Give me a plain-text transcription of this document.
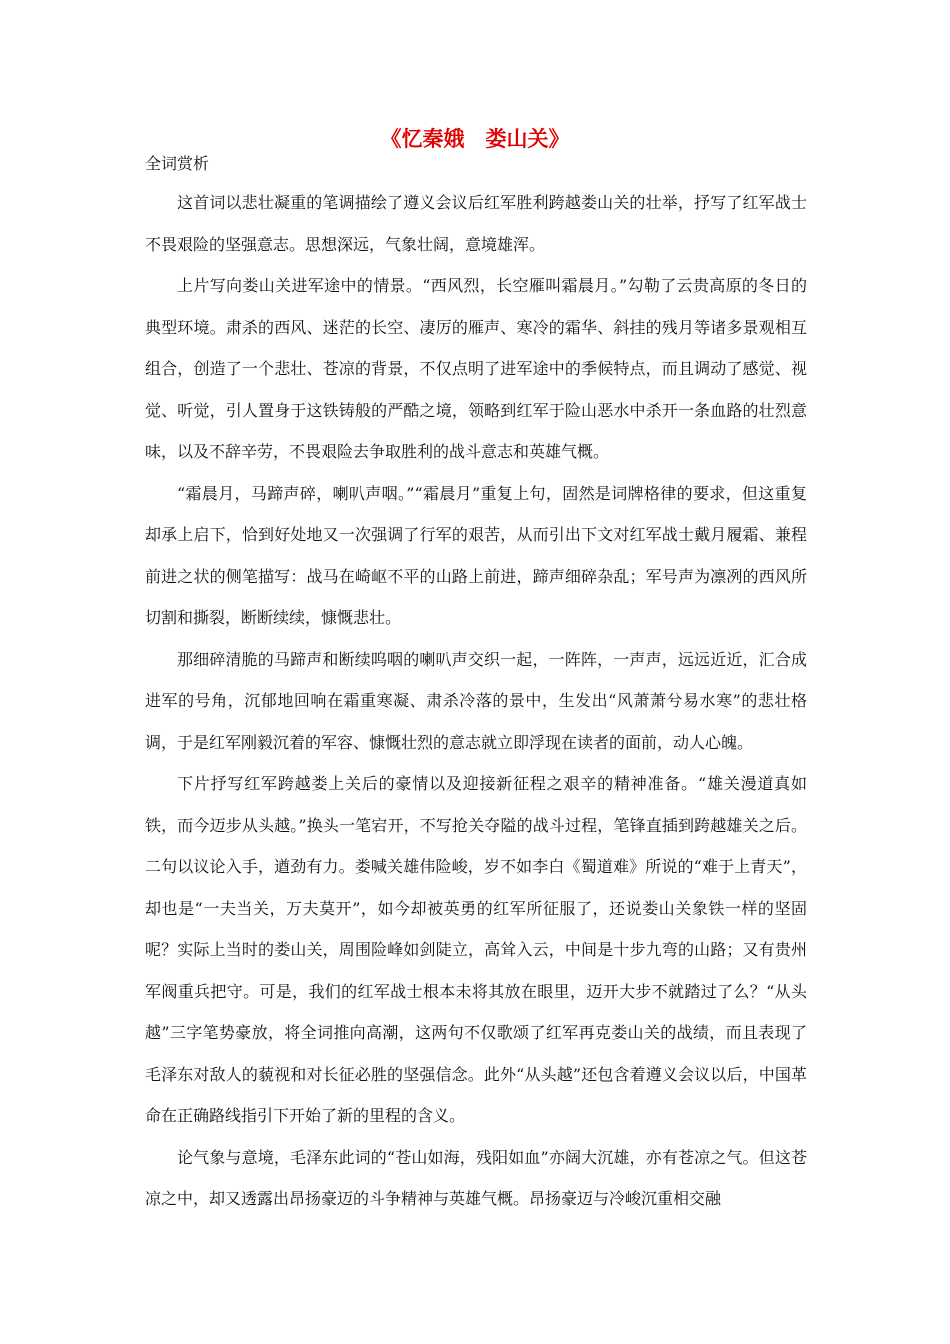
《忆秦娥　娄山关》
全词赏析

这首词以悲壮凝重的笔调描绘了遵义会议后红军胜利跨越娄山关的壮举，抒写了红军战士不畏艰险的坚强意志。思想深远，气象壮阔，意境雄浑。

上片写向娄山关进军途中的情景。“西风烈，长空雁叫霜晨月。”勾勒了云贵高原的冬日的典型环境。肃杀的西风、迷茫的长空、凄厉的雁声、寒冷的霜华、斜挂的残月等诸多景观相互组合，创造了一个悲壮、苍凉的背景，不仅点明了进军途中的季候特点，而且调动了感觉、视觉、听觉，引人置身于这铁铸般的严酷之境，领略到红军于险山恶水中杀开一条血路的壮烈意味，以及不辞辛劳，不畏艰险去争取胜利的战斗意志和英雄气概。

“霜晨月，马蹄声碎，喇叭声咽。”“霜晨月”重复上句，固然是词牌格律的要求，但这重复却承上启下，恰到好处地又一次强调了行军的艰苦，从而引出下文对红军战士戴月履霜、兼程前进之状的侧笔描写：战马在崎岖不平的山路上前进，蹄声细碎杂乱；军号声为凛冽的西风所切割和撕裂，断断续续，慷慨悲壮。

那细碎清脆的马蹄声和断续呜咽的喇叭声交织一起，一阵阵，一声声，远远近近，汇合成进军的号角，沉郁地回响在霜重寒凝、肃杀冷落的景中，生发出“风萧萧兮易水寒”的悲壮格调，于是红军刚毅沉着的军容、慷慨壮烈的意志就立即浮现在读者的面前，动人心魄。

下片抒写红军跨越娄上关后的豪情以及迎接新征程之艰辛的精神准备。“雄关漫道真如铁，而今迈步从头越。”换头一笔宕开，不写抢关夺隘的战斗过程，笔锋直插到跨越雄关之后。二句以议论入手，遒劲有力。娄喊关雄伟险峻，岁不如李白《蜀道难》所说的“难于上青天”，却也是“一夫当关，万夫莫开”，如今却被英勇的红军所征服了，还说娄山关象铁一样的坚固呢？实际上当时的娄山关，周围险峰如剑陡立，高耸入云，中间是十步九弯的山路；又有贵州军阀重兵把守。可是，我们的红军战士根本未将其放在眼里，迈开大步不就踏过了么？“从头越”三字笔势豪放，将全词推向高潮，这两句不仅歌颂了红军再克娄山关的战绩，而且表现了毛泽东对敌人的藐视和对长征必胜的坚强信念。此外“从头越”还包含着遵义会议以后，中国革命在正确路线指引下开始了新的里程的含义。

论气象与意境，毛泽东此词的“苍山如海，残阳如血”亦阔大沉雄，亦有苍凉之气。但这苍凉之中，却又透露出昂扬豪迈的斗争精神与英雄气概。昂扬豪迈与冷峻沉重相交融
